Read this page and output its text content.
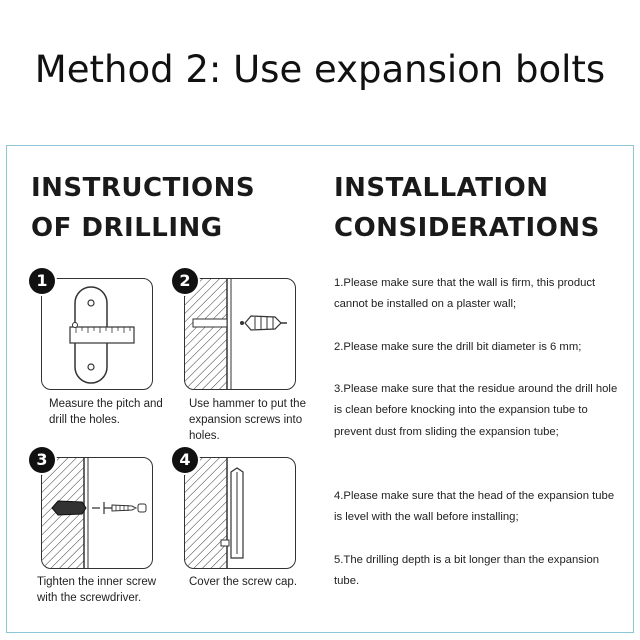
Method 2: Use expansion bolts
INSTRUCTIONS
OF DRILLING
INSTALLATION
CONSIDERATIONS
1
Measure the pitch and drill the holes.
2
Use hammer to put the expansion screws into holes.
3
Tighten the inner screw with the screwdriver.
4
Cover the screw cap.
1.Please make sure that the wall is firm, this product cannot be installed on a plaster wall;
2.Please make sure the drill bit diameter is 6 mm;
3.Please make sure that the residue around the drill hole is clean before knocking into the expansion tube to prevent dust from sliding the expansion tube;
4.Please make sure that the head of the expansion tube is level with the wall before installing;
5.The drilling depth is a bit longer than the expansion tube.
